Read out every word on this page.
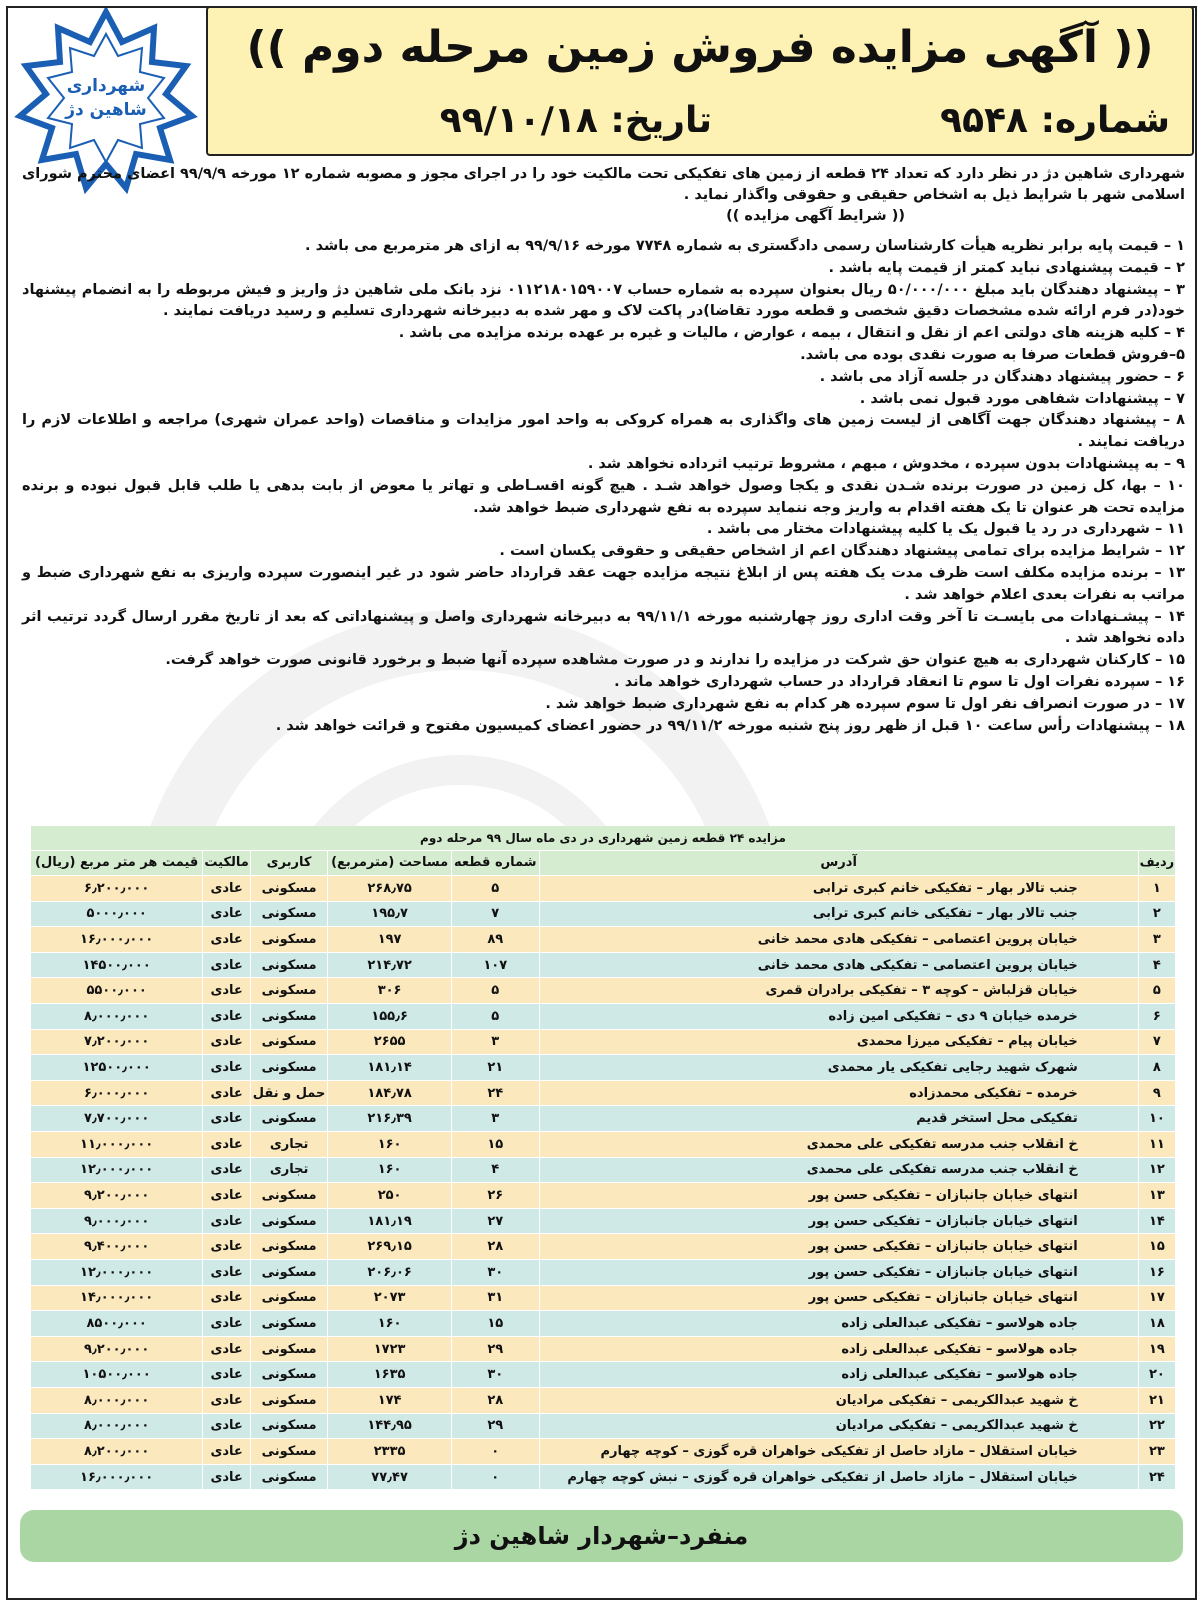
شهرداری
شاهین دژ
(( آگهی مزایده فروش زمین مرحله دوم ))
شماره: ۹۵۴۸
تاریخ: ۹۹/۱۰/۱۸
شهرداری شاهین دژ در نظر دارد که تعداد ۲۴ قطعه از زمین های تفکیکی تحت مالکیت خود را در اجرای مجوز و مصوبه شماره ۱۲ مورخه ۹۹/۹/۹ اعضای محترم شورای اسلامی شهر با شرایط ذیل به اشخاص حقیقی و حقوقی واگذار نماید .
(( شرایط آگهی مزایده ))
۱ – قیمت پایه برابر نظریه هیأت کارشناسان رسمی دادگستری به شماره ۷۷۴۸ مورخه ۹۹/۹/۱۶ به ازای هر مترمربع می باشد .
۲ – قیمت پیشنهادی نباید کمتر از قیمت پایه باشد .
۳ – پیشنهاد دهندگان باید مبلغ ۵۰/۰۰۰/۰۰۰ ریال بعنوان سپرده به شماره حساب ۰۱۱۲۱۸۰۱۵۹۰۰۷ نزد بانک ملی شاهین دژ واریز و فیش مربوطه را به انضمام پیشنهاد خود(در فرم ارائه شده مشخصات دقیق شخصی و قطعه مورد تقاضا)در پاکت لاک و مهر شده به دبیرخانه شهرداری تسلیم و رسید دریافت نمایند .
۴ – کلیه هزینه های دولتی اعم از نقل و انتقال ، بیمه ، عوارض ، مالیات و غیره بر عهده برنده مزایده می باشد .
۵–فروش قطعات صرفا به صورت نقدی بوده می باشد.
۶ – حضور پیشنهاد دهندگان در جلسه آزاد می باشد .
۷ – پیشنهادات شفاهی مورد قبول نمی باشد .
۸ – پیشنهاد دهندگان جهت آگاهی از لیست زمین های واگذاری به همراه کروکی به واحد امور مزایدات و مناقصات (واحد عمران شهری) مراجعه و اطلاعات لازم را دریافت نمایند .
۹ – به پیشنهادات بدون سپرده ، مخدوش ، مبهم ، مشروط ترتیب اثرداده نخواهد شد .
۱۰ – بها، کل زمین در صورت برنده شـدن نقدی و یکجا وصول خواهد شـد . هیچ گونه اقسـاطی و تهاتر یا معوض از بابت بدهی یا طلب قابل قبول نبوده و برنده مزایده تحت هر عنوان تا یک هفته اقدام به واریز وجه ننماید سپرده به نفع شهرداری ضبط خواهد شد.
۱۱ – شهرداری در رد یا قبول یک یا کلیه پیشنهادات مختار می باشد .
۱۲ – شرایط مزایده برای تمامی پیشنهاد دهندگان اعم از اشخاص حقیقی و حقوقی یکسان است .
۱۳ – برنده مزایده مکلف است ظرف مدت یک هفته پس از ابلاغ نتیجه مزایده جهت عقد قرارداد حاضر شود در غیر اینصورت سپرده واریزی به نفع شهرداری ضبط و مراتب به نفرات بعدی اعلام خواهد شد .
۱۴ – پیشـنهادات می بایسـت تا آخر وقت اداری روز چهارشنبه مورخه ۹۹/۱۱/۱ به دبیرخانه شهرداری واصل و پیشنهاداتی که بعد از تاریخ مقرر ارسال گردد ترتیب اثر داده نخواهد شد .
۱۵ – کارکنان شهرداری به هیچ عنوان حق شرکت در مزایده را ندارند و در صورت مشاهده سپرده آنها ضبط و برخورد قانونی صورت خواهد گرفت.
۱۶ – سپرده نفرات اول تا سوم تا انعقاد قرارداد در حساب شهرداری خواهد ماند .
۱۷ – در صورت انصراف نفر اول تا سوم سپرده هر کدام به نفع شهرداری ضبط خواهد شد .
۱۸ – پیشنهادات رأس ساعت ۱۰ قبل از ظهر روز پنج شنبه مورخه ۹۹/۱۱/۲ در حضور اعضای کمیسیون مفتوح و قرائت خواهد شد .
مزایده ۲۴ قطعه زمین شهرداری در دی ماه سال ۹۹ مرحله دوم						
ردیف	آدرس	شماره قطعه	مساحت (مترمربع)	کاربری	مالکیت	قیمت هر متر مربع (ریال)
۱	جنب تالار بهار – تفکیکی خانم کبری ترابی	۵	۲۶۸٫۷۵	مسکونی	عادی	۶٫۲۰۰٫۰۰۰
۲	جنب تالار بهار – تفکیکی خانم کبری ترابی	۷	۱۹۵٫۷	مسکونی	عادی	۵۰۰۰٫۰۰۰
۳	خیابان پروین اعتصامی – تفکیکی هادی محمد خانی	۸۹	۱۹۷	مسکونی	عادی	۱۶٫۰۰۰٫۰۰۰
۴	خیابان پروین اعتصامی – تفکیکی هادی محمد خانی	۱۰۷	۲۱۴٫۷۲	مسکونی	عادی	۱۴۵۰۰٫۰۰۰
۵	خیابان قزلباش – کوچه ۳ – تفکیکی برادران قمری	۵	۳۰۶	مسکونی	عادی	۵۵۰۰٫۰۰۰
۶	خرمده خیابان ۹ دی – تفکیکی امین زاده	۵	۱۵۵٫۶	مسکونی	عادی	۸٫۰۰۰٫۰۰۰
۷	خیابان پیام – تفکیکی میرزا محمدی	۳	۲۶۵۵	مسکونی	عادی	۷٫۲۰۰٫۰۰۰
۸	شهرک شهید رجایی تفکیکی یار محمدی	۲۱	۱۸۱٫۱۴	مسکونی	عادی	۱۲۵۰۰٫۰۰۰
۹	خرمده – تفکیکی محمدزاده	۲۴	۱۸۴٫۷۸	حمل و نقل	عادی	۶٫۰۰۰٫۰۰۰
۱۰	تفکیکی محل استخر قدیم	۳	۲۱۶٫۳۹	مسکونی	عادی	۷٫۷۰۰٫۰۰۰
۱۱	خ انقلاب جنب مدرسه تفکیکی علی محمدی	۱۵	۱۶۰	تجاری	عادی	۱۱٫۰۰۰٫۰۰۰
۱۲	خ انقلاب جنب مدرسه تفکیکی علی محمدی	۴	۱۶۰	تجاری	عادی	۱۲٫۰۰۰٫۰۰۰
۱۳	انتهای خیابان جانبازان – تفکیکی حسن پور	۲۶	۲۵۰	مسکونی	عادی	۹٫۲۰۰٫۰۰۰
۱۴	انتهای خیابان جانبازان – تفکیکی حسن پور	۲۷	۱۸۱٫۱۹	مسکونی	عادی	۹٫۰۰۰٫۰۰۰
۱۵	انتهای خیابان جانبازان – تفکیکی حسن پور	۲۸	۲۶۹٫۱۵	مسکونی	عادی	۹٫۴۰۰٫۰۰۰
۱۶	انتهای خیابان جانبازان – تفکیکی حسن پور	۳۰	۲۰۶٫۰۶	مسکونی	عادی	۱۲٫۰۰۰٫۰۰۰
۱۷	انتهای خیابان جانبازان – تفکیکی حسن پور	۳۱	۲۰۷۳	مسکونی	عادی	۱۴٫۰۰۰٫۰۰۰
۱۸	جاده هولاسو – تفکیکی عبدالعلی زاده	۱۵	۱۶۰	مسکونی	عادی	۸۵۰۰٫۰۰۰
۱۹	جاده هولاسو – تفکیکی عبدالعلی زاده	۲۹	۱۷۲۳	مسکونی	عادی	۹٫۲۰۰٫۰۰۰
۲۰	جاده هولاسو – تفکیکی عبدالعلی زاده	۳۰	۱۶۳۵	مسکونی	عادی	۱۰۵۰۰٫۰۰۰
۲۱	خ شهید عبدالکریمی – تفکیکی مرادیان	۲۸	۱۷۴	مسکونی	عادی	۸٫۰۰۰٫۰۰۰
۲۲	خ شهید عبدالکریمی – تفکیکی مرادیان	۲۹	۱۴۴٫۹۵	مسکونی	عادی	۸٫۰۰۰٫۰۰۰
۲۳	خیابان استقلال – مازاد حاصل از تفکیکی خواهران قره گوزی – کوچه چهارم	۰	۲۳۳۵	مسکونی	عادی	۸٫۲۰۰٫۰۰۰
۲۴	خیابان استقلال – مازاد حاصل از تفکیکی خواهران قره گوزی – نبش کوچه چهارم	۰	۷۷٫۴۷	مسکونی	عادی	۱۶٫۰۰۰٫۰۰۰
منفرد–شهردار شاهین دژ
